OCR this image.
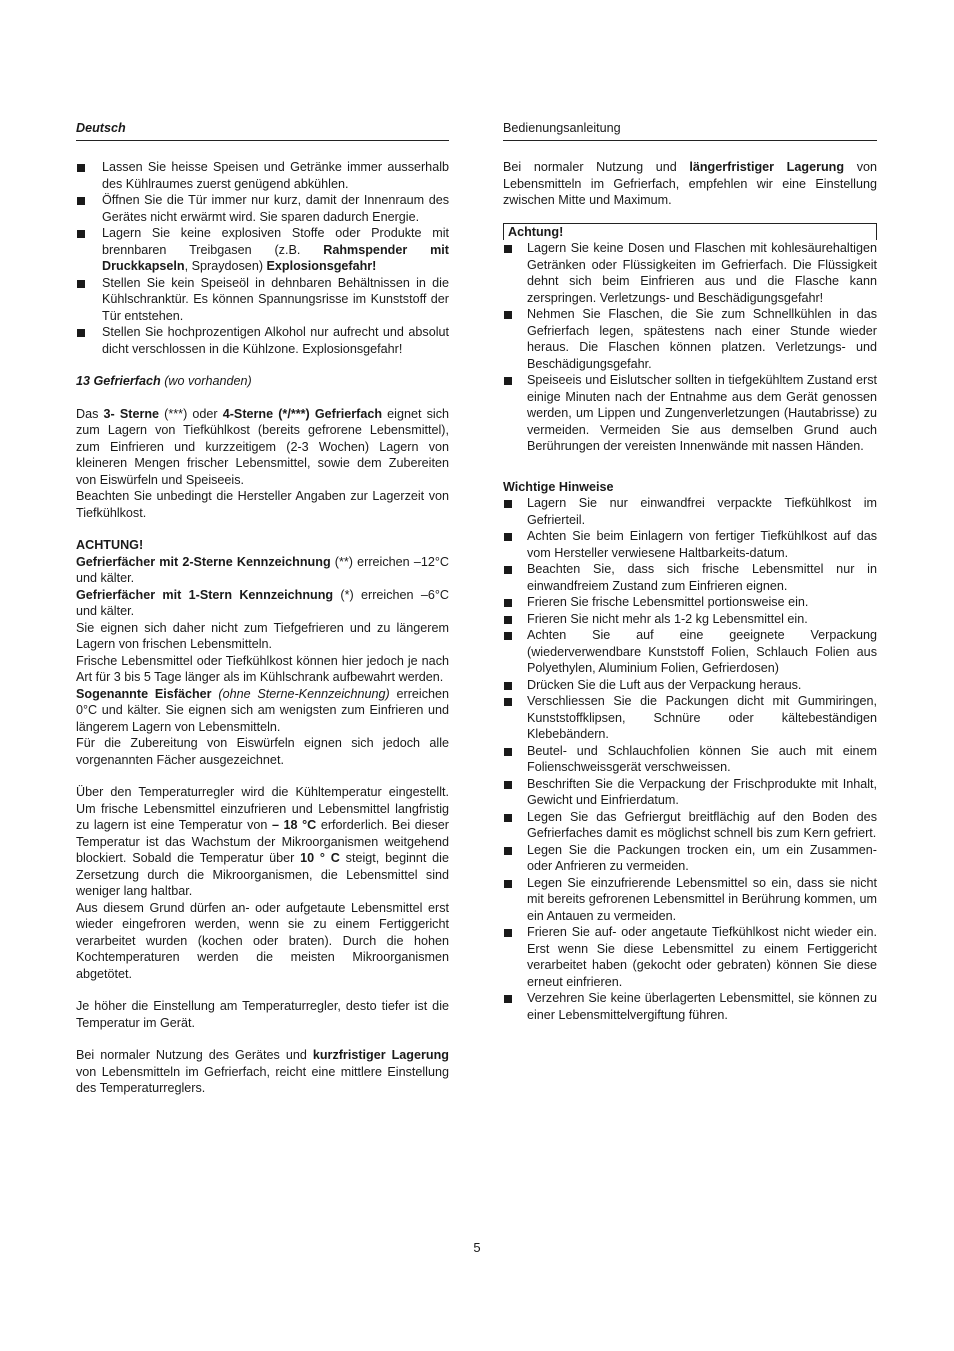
Deutsch
Lassen Sie heisse Speisen und Getränke immer ausserhalb des Kühlraumes zuerst genügend abkühlen.
Öffnen Sie die Tür immer nur kurz, damit der Innenraum des Gerätes nicht erwärmt wird. Sie sparen dadurch Energie.
Lagern Sie keine explosiven Stoffe oder Produkte mit brennbaren Treibgasen (z.B. Rahmspender mit Druckkapseln, Spraydosen) Explosionsgefahr!
Stellen Sie kein Speiseöl in dehnbaren Behältnissen in die Kühlschranktür. Es können Spannungsrisse im Kunststoff der Tür entstehen.
Stellen Sie hochprozentigen Alkohol nur aufrecht und absolut dicht verschlossen in die Kühlzone. Explosionsgefahr!

13 Gefrierfach (wo vorhanden)

Das 3- Sterne (***) oder 4-Sterne (*/***) Gefrierfach eignet sich zum Lagern von Tiefkühlkost (bereits gefrorene Lebensmittel), zum Einfrieren und kurzzeitigem (2-3 Wochen) Lagern von kleineren Mengen frischer Lebensmittel, sowie dem Zubereiten von Eiswürfeln und Speiseeis.

Beachten Sie unbedingt die Hersteller Angaben zur Lagerzeit von Tiefkühlkost.

ACHTUNG!

Gefrierfächer mit 2-Sterne Kennzeichnung (**) erreichen –12°C und kälter.

Gefrierfächer mit 1-Stern Kennzeichnung (*) erreichen –6°C und kälter.

Sie eignen sich daher nicht zum Tiefgefrieren und zu längerem Lagern von frischen Lebensmitteln.

Frische Lebensmittel oder Tiefkühlkost können hier jedoch je nach Art für 3 bis 5 Tage länger als im Kühlschrank aufbewahrt werden.

Sogenannte Eisfächer (ohne Sterne-Kennzeichnung) erreichen 0°C und kälter. Sie eignen sich am wenigsten zum Einfrieren und längerem Lagern von Lebensmitteln.

Für die Zubereitung von Eiswürfeln eignen sich jedoch alle vorgenannten Fächer ausgezeichnet.

Über den Temperaturregler wird die Kühltemperatur eingestellt. Um frische Lebensmittel einzufrieren und Lebensmittel langfristig zu lagern ist eine Temperatur von – 18 °C erforderlich. Bei dieser Temperatur ist das Wachstum der Mikroorganismen weitgehend blockiert. Sobald die Temperatur über 10 ° C steigt, beginnt die Zersetzung durch die Mikroorganismen, die Lebensmittel sind weniger lang haltbar.

Aus diesem Grund dürfen an- oder aufgetaute Lebensmittel erst wieder eingefroren werden, wenn sie zu einem Fertiggericht verarbeitet wurden (kochen oder braten). Durch die hohen Kochtemperaturen werden die meisten Mikroorganismen abgetötet.

Je höher die Einstellung am Temperaturregler, desto tiefer ist die Temperatur im Gerät.

Bei normaler Nutzung des Gerätes und kurzfristiger Lagerung von Lebensmitteln im Gefrierfach, reicht eine mittlere Einstellung des Temperaturreglers.

Bedienungsanleitung

Bei normaler Nutzung und längerfristiger Lagerung von Lebensmitteln im Gefrierfach, empfehlen wir eine Einstellung zwischen Mitte und Maximum.

Achtung!
Lagern Sie keine Dosen und Flaschen mit kohlesäurehaltigen Getränken oder Flüssigkeiten im Gefrierfach. Die Flüssigkeit dehnt sich beim Einfrieren aus und die Flasche kann zerspringen. Verletzungs- und Beschädigungsgefahr!
Nehmen Sie Flaschen, die Sie zum Schnellkühlen in das Gefrierfach legen, spätestens nach einer Stunde wieder heraus. Die Flaschen können platzen. Verletzungs- und Beschädigungsgefahr.
Speiseeis und Eislutscher sollten in tiefgekühltem Zustand erst einige Minuten nach der Entnahme aus dem Gerät genossen werden, um Lippen und Zungenverletzungen (Hautabrisse) zu vermeiden. Vermeiden Sie aus demselben Grund auch Berührungen der vereisten Innenwände mit nassen Händen.

Wichtige Hinweise

Lagern Sie nur einwandfrei verpackte Tiefkühlkost im Gefrierteil.
Achten Sie beim Einlagern von fertiger Tiefkühlkost auf das vom Hersteller verwiesene Haltbarkeits-datum.
Beachten Sie, dass sich frische Lebensmittel nur in einwandfreiem Zustand zum Einfrieren eignen.
Frieren Sie frische Lebensmittel portionsweise ein.
Frieren Sie nicht mehr als 1-2 kg Lebensmittel ein.
Achten Sie auf eine geeignete Verpackung (wiederverwendbare Kunststoff Folien, Schlauch Folien aus Polyethylen, Aluminium Folien, Gefrierdosen)
Drücken Sie die Luft aus der Verpackung heraus.
Verschliessen Sie die Packungen dicht mit Gummiringen, Kunststoffklipsen, Schnüre oder kältebeständigen Klebebändern.
Beutel- und Schlauchfolien können Sie auch mit einem Folienschweissgerät verschweissen.
Beschriften Sie die Verpackung der Frischprodukte mit Inhalt, Gewicht und Einfrierdatum.
Legen Sie das Gefriergut breitflächig auf den Boden des Gefrierfaches damit es möglichst schnell bis zum Kern gefriert.
Legen Sie die Packungen trocken ein, um ein Zusammen- oder Anfrieren zu vermeiden.
Legen Sie einzufrierende Lebensmittel so ein, dass sie nicht mit bereits gefrorenen Lebensmittel in Berührung kommen, um ein Antauen zu vermeiden.
Frieren Sie auf- oder angetaute Tiefkühlkost nicht wieder ein. Erst wenn Sie diese Lebensmittel zu einem Fertiggericht verarbeitet haben (gekocht oder gebraten) können Sie diese erneut einfrieren.
Verzehren Sie keine überlagerten Lebensmittel, sie können zu einer Lebensmittelvergiftung führen.
5
